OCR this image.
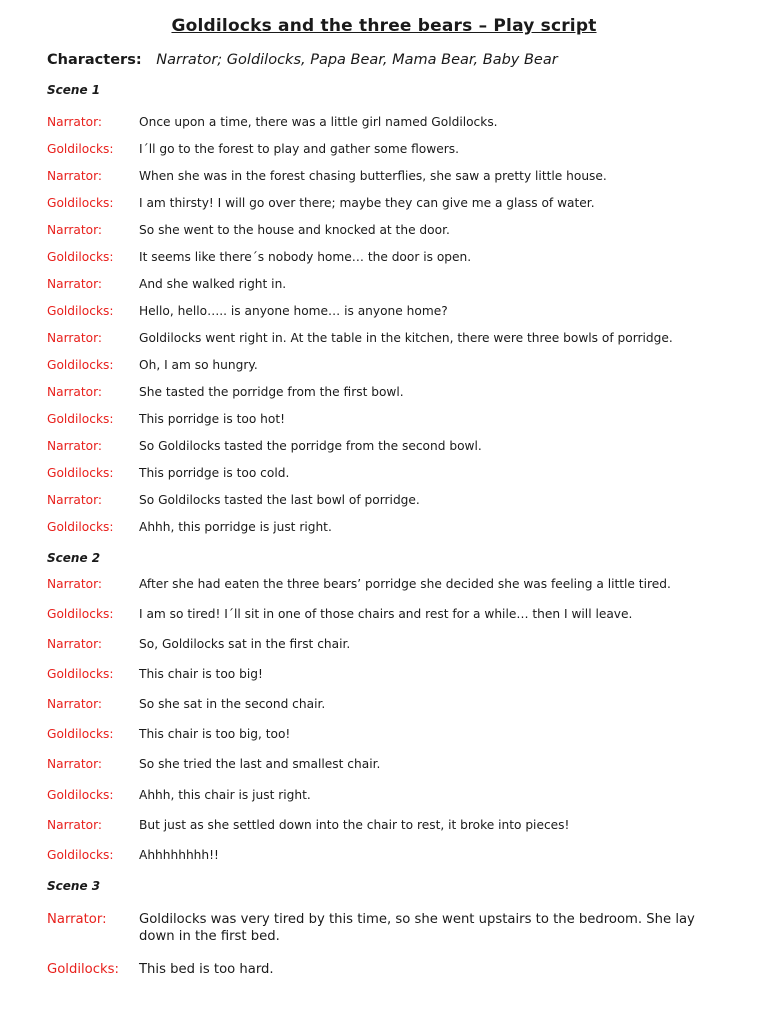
Goldilocks and the three bears – Play script
Characters: Narrator; Goldilocks, Papa Bear, Mama Bear, Baby Bear
Scene 1
Narrator:	Once upon a time, there was a little girl named Goldilocks.
Goldilocks: I´ll go to the forest to play and gather some flowers.
Narrator:	When she was in the forest chasing butterflies, she saw a pretty little house.
Goldilocks: I am thirsty! I will go over there; maybe they can give me a glass of water.
Narrator:	So she went to the house and knocked at the door.
Goldilocks: It seems like there´s nobody home… the door is open.
Narrator:	And she walked right in.
Goldilocks: Hello, hello….. is anyone home… is anyone home?
Narrator:	Goldilocks went right in. At the table in the kitchen, there were three bowls of porridge.
Goldilocks: Oh, I am so hungry.
Narrator:	She tasted the porridge from the first bowl.
Goldilocks: This porridge is too hot!
Narrator:	So Goldilocks tasted the porridge from the second bowl.
Goldilocks: This porridge is too cold.
Narrator:	So Goldilocks tasted the last bowl of porridge.
Goldilocks: Ahhh, this porridge is just right.
Scene 2
Narrator:	After she had eaten the three bears’ porridge she decided she was feeling a little tired.
Goldilocks: I am so tired! I´ll sit in one of those chairs and rest for a while… then I will leave.
Narrator:	So, Goldilocks sat in the first chair.
Goldilocks: This chair is too big!
Narrator:	So she sat in the second chair.
Goldilocks: This chair is too big, too!
Narrator:	So she tried the last and smallest chair.
Goldilocks: Ahhh, this chair is just right.
Narrator:	But just as she settled down into the chair to rest, it broke into pieces!
Goldilocks: Ahhhhhhhh!!
Scene 3
Narrator: Goldilocks was very tired by this time, so she went upstairs to the bedroom. She lay down in the first bed.
Goldilocks: This bed is too hard.
